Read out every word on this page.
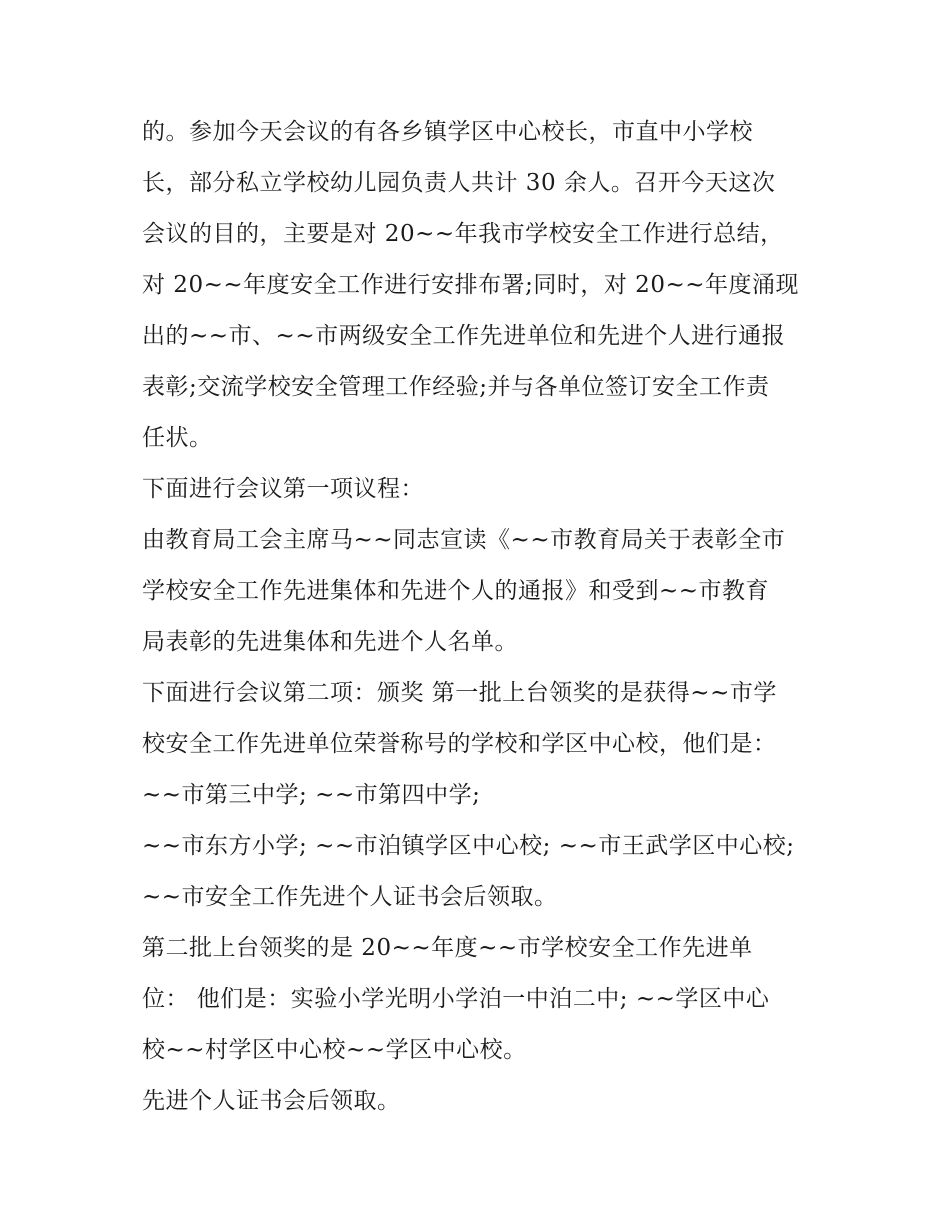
的。参加今天会议的有各乡镇学区中心校长，市直中小学校
长，部分私立学校幼儿园负责人共计 30 余人。召开今天这次
会议的目的，主要是对 20~~年我市学校安全工作进行总结，
对 20~~年度安全工作进行安排布署;同时，对 20~~年度涌现
出的~~市、~~市两级安全工作先进单位和先进个人进行通报
表彰;交流学校安全管理工作经验;并与各单位签订安全工作责
任状。
下面进行会议第一项议程：
由教育局工会主席马~~同志宣读《~~市教育局关于表彰全市
学校安全工作先进集体和先进个人的通报》和受到~~市教育
局表彰的先进集体和先进个人名单。
下面进行会议第二项：颁奖 第一批上台领奖的是获得~~市学
校安全工作先进单位荣誉称号的学校和学区中心校，他们是：
~~市第三中学; ~~市第四中学;
~~市东方小学; ~~市泊镇学区中心校; ~~市王武学区中心校;
~~市安全工作先进个人证书会后领取。
第二批上台领奖的是 20~~年度~~市学校安全工作先进单
位： 他们是：实验小学光明小学泊一中泊二中; ~~学区中心
校~~村学区中心校~~学区中心校。
先进个人证书会后领取。
